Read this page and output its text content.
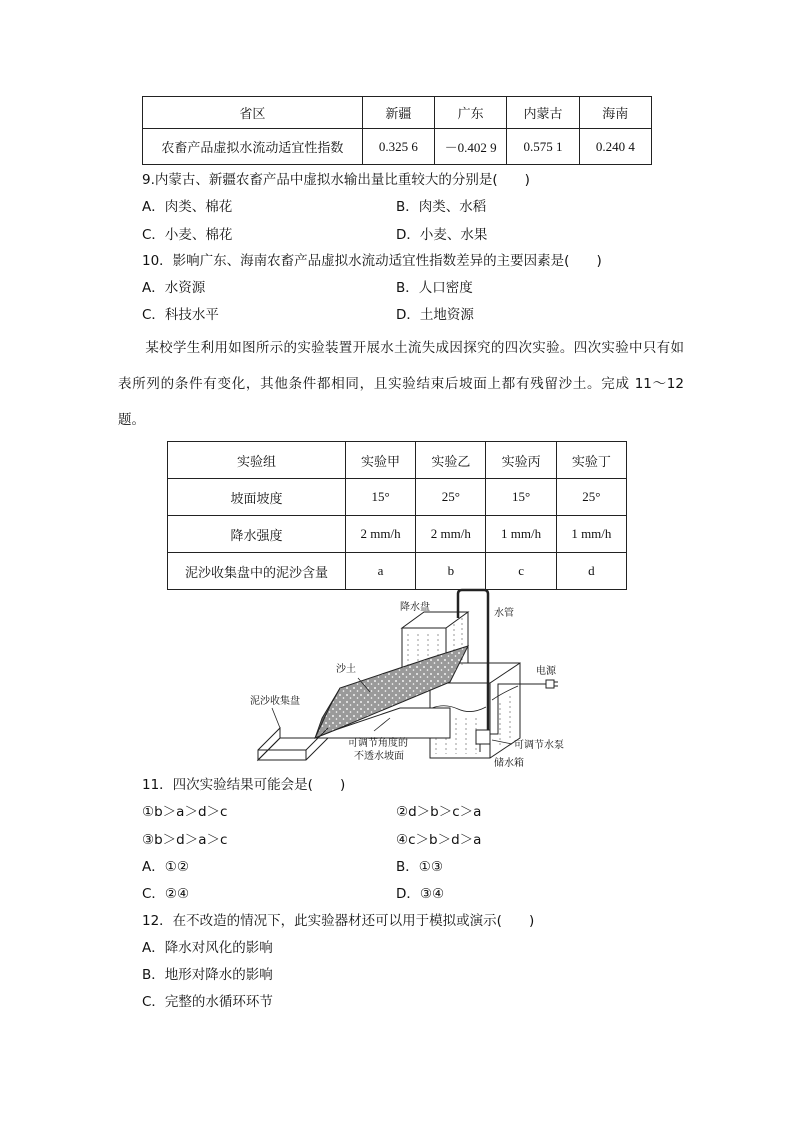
省区	新疆	广东	内蒙古	海南
农畜产品虚拟水流动适宜性指数	0.325 6	－0.402 9	0.575 1	0.240 4
9.内蒙古、新疆农畜产品中虚拟水输出量比重较大的分别是(　　)
A．肉类、棉花	B．肉类、水稻
C．小麦、棉花	D．小麦、水果
10．影响广东、海南农畜产品虚拟水流动适宜性指数差异的主要因素是(　　)
A．水资源	B．人口密度
C．科技水平	D．土地资源
某校学生利用如图所示的实验装置开展水土流失成因探究的四次实验。四次实验中只有如表所列的条件有变化，其他条件都相同，且实验结束后坡面上都有残留沙土。完成 11～12 题。
实验组	实验甲	实验乙	实验丙	实验丁
坡面坡度	15°	25°	15°	25°
降水强度	2 mm/h	2 mm/h	1 mm/h	1 mm/h
泥沙收集盘中的泥沙含量	a	b	c	d
降水盘
水管
沙土	电源
泥沙收集盘
可调节角度的
不透水坡面
可调节水泵
储水箱
11．四次实验结果可能会是(　　)
①b＞a＞d＞c	②d＞b＞c＞a
③b＞d＞a＞c	④c＞b＞d＞a
A．①②	B．①③
C．②④	D．③④
12．在不改造的情况下，此实验器材还可以用于模拟或演示(　　)
A．降水对风化的影响
B．地形对降水的影响
C．完整的水循环环节
